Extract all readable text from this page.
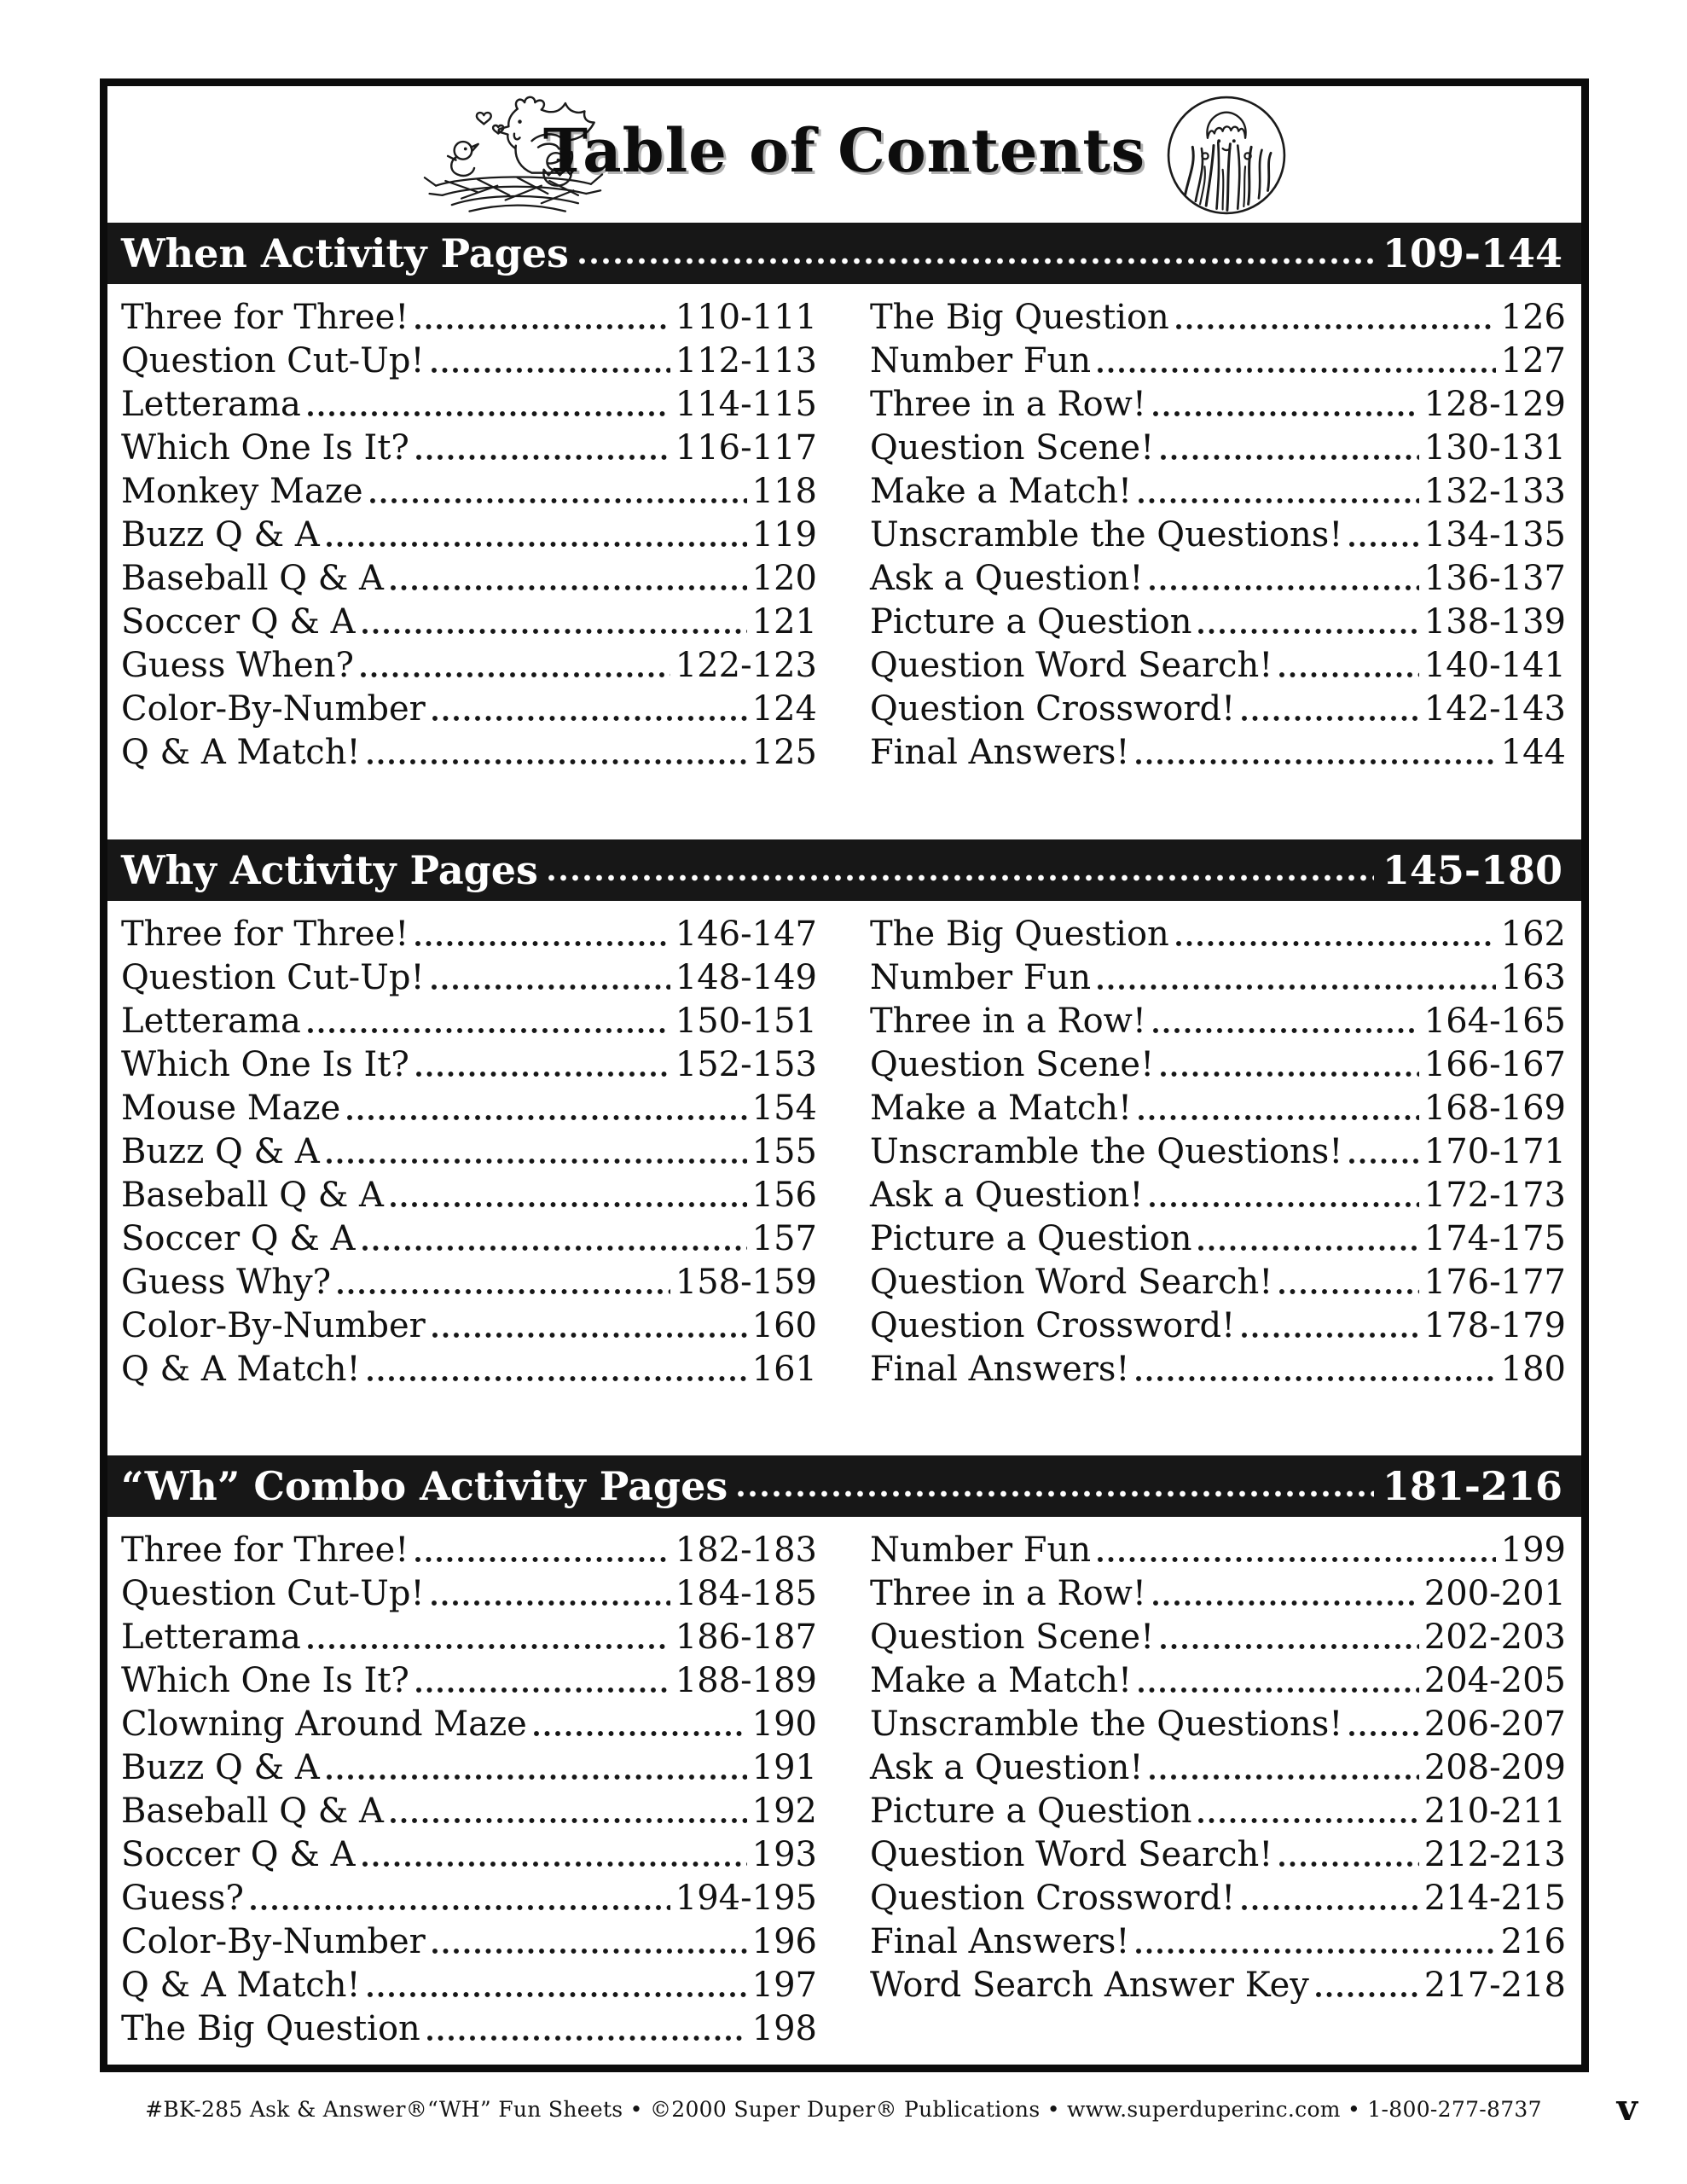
Table of Contents
When Activity Pages	109-144
Three for Three!	110-111
Question Cut-Up!	112-113
Letterama	114-115
Which One Is It?	116-117
Monkey Maze	118
Buzz Q & A	119
Baseball Q & A	120
Soccer Q & A	121
Guess When?	122-123
Color-By-Number	124
Q & A Match!	125
The Big Question	126
Number Fun	127
Three in a Row!	128-129
Question Scene!	130-131
Make a Match!	132-133
Unscramble the Questions! 134-135
Ask a Question!	136-137
Picture a Question	138-139
Question Word Search!	140-141
Question Crossword!	142-143
Final Answers!	144
Why Activity Pages	145-180
Three for Three!	146-147
Question Cut-Up!	148-149
Letterama	150-151
Which One Is It?	152-153
Mouse Maze	154
Buzz Q & A	155
Baseball Q & A	156
Soccer Q & A	157
Guess Why?	158-159
Color-By-Number	160
Q & A Match!	161
The Big Question	162
Number Fun	163
Three in a Row!	164-165
Question Scene!	166-167
Make a Match!	168-169
Unscramble the Questions! 170-171
Ask a Question!	172-173
Picture a Question	174-175
Question Word Search!	176-177
Question Crossword!	178-179
Final Answers!	180
“Wh” Combo Activity Pages	181-216
Three for Three!	182-183
Question Cut-Up!	184-185
Letterama	186-187
Which One Is It?	188-189
Clowning Around Maze	190
Buzz Q & A	191
Baseball Q & A	192
Soccer Q & A	193
Guess?	194-195
Color-By-Number	196
Q & A Match!	197
The Big Question	198
Number Fun	199
Three in a Row!	200-201
Question Scene!	202-203
Make a Match!	204-205
Unscramble the Questions! 206-207
Ask a Question!	208-209
Picture a Question	210-211
Question Word Search!	212-213
Question Crossword!	214-215
Final Answers!	216
Word Search Answer Key	217-218
#BK-285 Ask & Answer®“WH” Fun Sheets • ©2000 Super Duper® Publications • www.superduperinc.com • 1-800-277-8737	v
